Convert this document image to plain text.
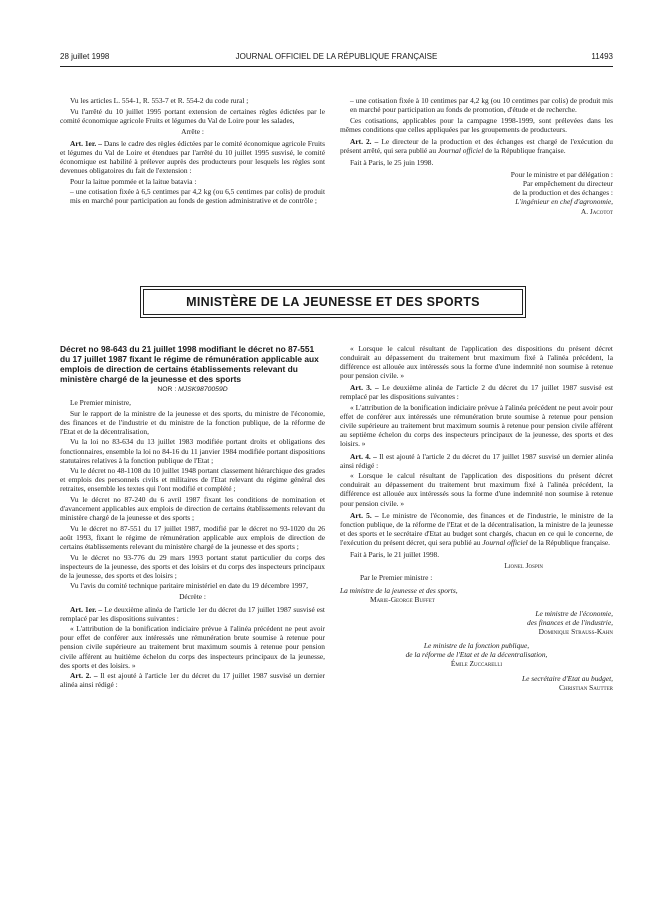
28 juillet 1998	JOURNAL OFFICIEL DE LA RÉPUBLIQUE FRANÇAISE	11493

Vu les articles L. 554-1, R. 553-7 et R. 554-2 du code rural ;

Vu l'arrêté du 10 juillet 1995 portant extension de certaines règles édictées par le comité économique agricole Fruits et légumes du Val de Loire pour les salades,

Arrête :

Art. 1er. – Dans le cadre des règles édictées par le comité économique agricole Fruits et légumes du Val de Loire et étendues par l'arrêté du 10 juillet 1995 susvisé, le comité économique est habilité à prélever auprès des producteurs pour lesquels les règles sont devenues obligatoires du fait de l'extension :

Pour la laitue pommée et la laitue batavia :

– une cotisation fixée à 6,5 centimes par 4,2 kg (ou 6,5 centimes par colis) de produit mis en marché pour participation au fonds de gestion administrative et de contrôle ;

– une cotisation fixée à 10 centimes par 4,2 kg (ou 10 centimes par colis) de produit mis en marché pour participation au fonds de promotion, d'étude et de recherche.

Ces cotisations, applicables pour la campagne 1998-1999, sont prélevées dans les mêmes conditions que celles appliquées par les groupements de producteurs.

Art. 2. – Le directeur de la production et des échanges est chargé de l'exécution du présent arrêté, qui sera publié au Journal officiel de la République française.

Fait à Paris, le 25 juin 1998.

Pour le ministre et par délégation :

Par empêchement du directeur

de la production et des échanges :

L'ingénieur en chef d'agronomie,

A. Jacotot

MINISTÈRE DE LA JEUNESSE ET DES SPORTS

Décret no 98-643 du 21 juillet 1998 modifiant le décret no 87-551 du 17 juillet 1987 fixant le régime de rémunération applicable aux emplois de direction de certains établissements relevant du ministère chargé de la jeunesse et des sports

NOR : MJSK9870059D

Le Premier ministre,

Sur le rapport de la ministre de la jeunesse et des sports, du ministre de l'économie, des finances et de l'industrie et du ministre de la fonction publique, de la réforme de l'Etat et de la décentralisation,

Vu la loi no 83-634 du 13 juillet 1983 modifiée portant droits et obligations des fonctionnaires, ensemble la loi no 84-16 du 11 janvier 1984 modifiée portant dispositions statutaires relatives à la fonction publique de l'Etat ;

Vu le décret no 48-1108 du 10 juillet 1948 portant classement hiérarchique des grades et emplois des personnels civils et militaires de l'Etat relevant du régime général des retraites, ensemble les textes qui l'ont modifié et complété ;

Vu le décret no 87-240 du 6 avril 1987 fixant les conditions de nomination et d'avancement applicables aux emplois de direction de certains établissements relevant du ministère chargé de la jeunesse et des sports ;

Vu le décret no 87-551 du 17 juillet 1987, modifié par le décret no 93-1020 du 26 août 1993, fixant le régime de rémunération applicable aux emplois de direction de certains établissements relevant du ministère chargé de la jeunesse et des sports ;

Vu le décret no 93-776 du 29 mars 1993 portant statut particulier du corps des inspecteurs de la jeunesse, des sports et des loisirs et du corps des inspecteurs principaux de la jeunesse, des sports et des loisirs ;

Vu l'avis du comité technique paritaire ministériel en date du 19 décembre 1997,

Décrète :

Art. 1er. – Le deuxième alinéa de l'article 1er du décret du 17 juillet 1987 susvisé est remplacé par les dispositions suivantes :

« L'attribution de la bonification indiciaire prévue à l'alinéa précédent ne peut avoir pour effet de conférer aux intéressés une rémunération brute soumise à retenue pour pension civile supérieure au traitement brut maximum soumis à retenue pour pension civile afférent au huitième échelon du corps des inspecteurs principaux de la jeunesse, des sports et des loisirs. »

Art. 2. – Il est ajouté à l'article 1er du décret du 17 juillet 1987 susvisé un dernier alinéa ainsi rédigé :

« Lorsque le calcul résultant de l'application des dispositions du présent décret conduirait au dépassement du traitement brut maximum fixé à l'alinéa précédent, la différence est allouée aux intéressés sous la forme d'une indemnité non soumise à retenue pour pension civile. »

Art. 3. – Le deuxième alinéa de l'article 2 du décret du 17 juillet 1987 susvisé est remplacé par les dispositions suivantes :

« L'attribution de la bonification indiciaire prévue à l'alinéa précédent ne peut avoir pour effet de conférer aux intéressés une rémunération brute soumise à retenue pour pension civile supérieure au traitement brut maximum soumis à retenue pour pension civile afférent au septième échelon du corps des inspecteurs principaux de la jeunesse, des sports et des loisirs. »

Art. 4. – Il est ajouté à l'article 2 du décret du 17 juillet 1987 susvisé un dernier alinéa ainsi rédigé :

« Lorsque le calcul résultant de l'application des dispositions du présent décret conduirait au dépassement du traitement brut maximum fixé à l'alinéa précédent, la différence est allouée aux intéressés sous la forme d'une indemnité non soumise à retenue pour pension civile. »

Art. 5. – Le ministre de l'économie, des finances et de l'industrie, le ministre de la fonction publique, de la réforme de l'Etat et de la décentralisation, la ministre de la jeunesse et des sports et le secrétaire d'Etat au budget sont chargés, chacun en ce qui le concerne, de l'exécution du présent décret, qui sera publié au Journal officiel de la République française.

Fait à Paris, le 21 juillet 1998.

Lionel Jospin

Par le Premier ministre :

La ministre de la jeunesse et des sports,

Marie-George Buffet

Le ministre de l'économie,

des finances et de l'industrie,

Dominique Strauss-Kahn

Le ministre de la fonction publique,

de la réforme de l'Etat et de la décentralisation,

Émile Zuccarelli

Le secrétaire d'Etat au budget,

Christian Sautter
